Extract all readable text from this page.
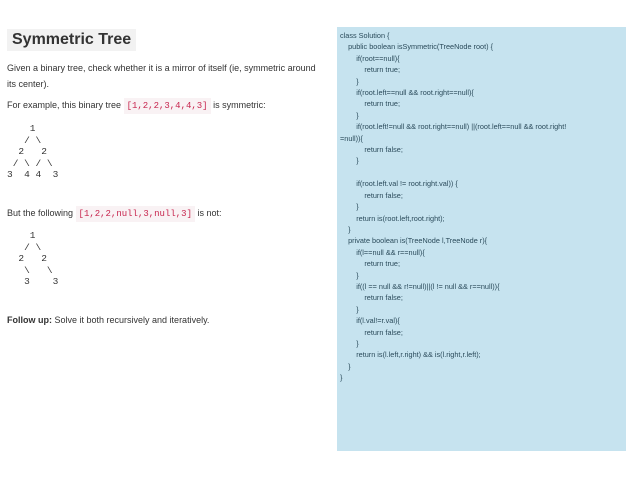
Symmetric Tree

Given a binary tree, check whether it is a mirror of itself (ie, symmetric around its center).

For example, this binary tree [1,2,2,3,4,4,3] is symmetric:

1
/ \
2   2
/ \ / \
3  4 4  3

But the following [1,2,2,null,3,null,3] is not:

1
/ \
2   2
\   \
3    3

Follow up: Solve it both recursively and iteratively.

class Solution {
public boolean isSymmetric(TreeNode root) {
if(root==null){
return true;
}
if(root.left==null && root.right==null){
return true;
}
if(root.left!=null && root.right==null) ||(root.left==null && root.right!
=null)){
return false;
}
if(root.left.val != root.right.val)) {
return false;
}
return is(root.left,root.right);
}
private boolean is(TreeNode l,TreeNode r){
if(l==null && r==null){
return true;
}
if((l == null && r!=null)||(l != null && r==null)){
return false;
}
if(l.val!=r.val){
return false;
}
return is(l.left,r.right) && is(l.right,r.left);
}
}
